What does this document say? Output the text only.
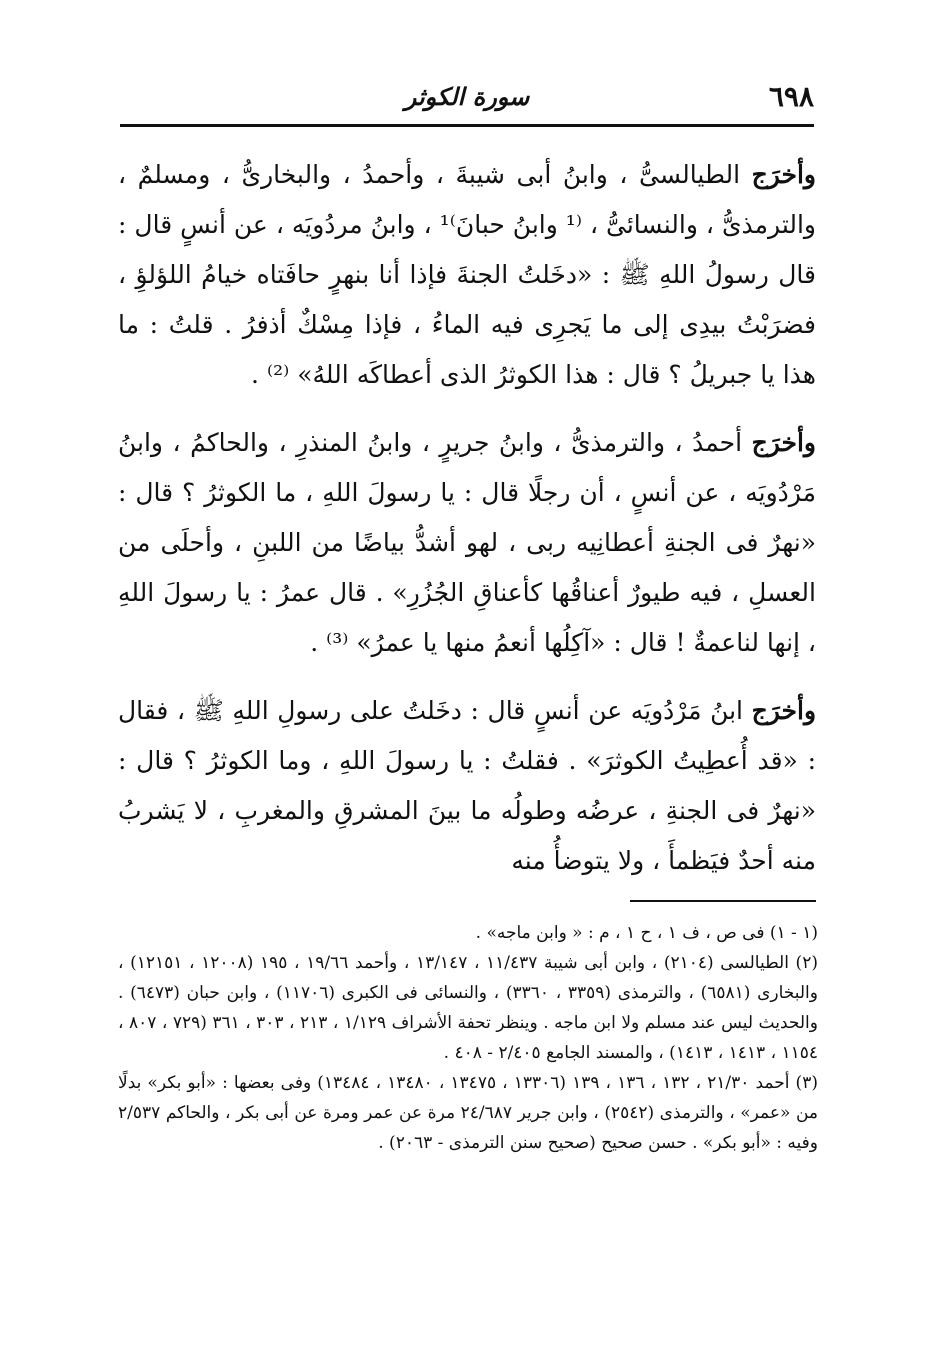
٦٩٨
سورة الكوثر

وأخرَج الطيالسىُّ ، وابنُ أبى شيبةَ ، وأحمدُ ، والبخارىُّ ، ومسلمٌ ، والترمذىُّ ، والنسائىُّ ، ⁽¹ وابنُ حبانَ⁾¹ ، وابنُ مردُويَه ، عن أنسٍ قال : قال رسولُ اللهِ ﷺ : «دخَلتُ الجنةَ فإذا أنا بنهرٍ حافَتاه خيامُ اللؤلؤِ ، فضرَبْتُ بيدِى إلى ما يَجرِى فيه الماءُ ، فإذا مِسْكٌ أذفرُ . قلتُ : ما هذا يا جبريلُ ؟ قال : هذا الكوثرُ الذى أعطاكَه اللهُ» ⁽²⁾ .

وأخرَج أحمدُ ، والترمذىُّ ، وابنُ جريرٍ ، وابنُ المنذرِ ، والحاكمُ ، وابنُ مَرْدُويَه ، عن أنسٍ ، أن رجلًا قال : يا رسولَ اللهِ ، ما الكوثرُ ؟ قال : «نهرٌ فى الجنةِ أعطانِيه ربى ، لهو أشدُّ بياضًا من اللبنِ ، وأحلَى من العسلِ ، فيه طيورٌ أعناقُها كأعناقِ الجُزُرِ» . قال عمرُ : يا رسولَ اللهِ ، إنها لناعمةٌ ! قال : «آكِلُها أنعمُ منها يا عمرُ» ⁽³⁾ .

وأخرَج ابنُ مَرْدُويَه عن أنسٍ قال : دخَلتُ على رسولِ اللهِ ﷺ ، فقال : «قد أُعطِيتُ الكوثرَ» . فقلتُ : يا رسولَ اللهِ ، وما الكوثرُ ؟ قال : «نهرٌ فى الجنةِ ، عرضُه وطولُه ما بينَ المشرقِ والمغربِ ، لا يَشربُ منه أحدٌ فيَظمأَ ، ولا يتوضأُ منه

(١ - ١) فى ص ، ف ١ ، ح ١ ، م : « وابن ماجه» .

(٢) الطيالسى (٢١٠٤) ، وابن أبى شيبة ١١/٤٣٧ ، ١٣/١٤٧ ، وأحمد ١٩/٦٦ ، ١٩٥ (١٢٠٠٨ ، ١٢١٥١) ، والبخارى (٦٥٨١) ، والترمذى (٣٣٥٩ ، ٣٣٦٠) ، والنسائى فى الكبرى (١١٧٠٦) ، وابن حبان (٦٤٧٣) . والحديث ليس عند مسلم ولا ابن ماجه . وينظر تحفة الأشراف ١/١٢٩ ، ٢١٣ ، ٣٠٣ ، ٣٦١ (٧٢٩ ، ٨٠٧ ، ١١٥٤ ، ١٤١٣ ، ١٤١٣) ، والمسند الجامع ٢/٤٠٥ - ٤٠٨ .

(٣) أحمد ٢١/٣٠ ، ١٣٢ ، ١٣٦ ، ١٣٩ (١٣٣٠٦ ، ١٣٤٧٥ ، ١٣٤٨٠ ، ١٣٤٨٤) وفى بعضها : «أبو بكر» بدلًا من «عمر» ، والترمذى (٢٥٤٢) ، وابن جرير ٢٤/٦٨٧ مرة عن عمر ومرة عن أبى بكر ، والحاكم ٢/٥٣٧ وفيه : «أبو بكر» . حسن صحيح (صحيح سنن الترمذى - ٢٠٦٣) .
